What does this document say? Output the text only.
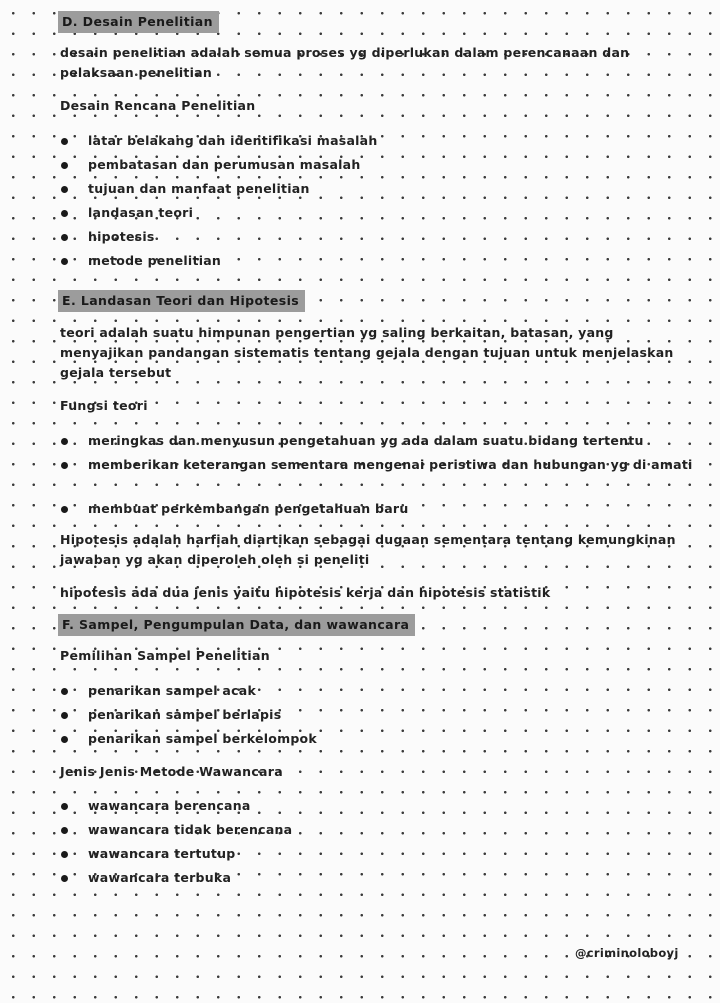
D. Desain Penelitian
desain penelitian adalah semua proses yg diperlukan dalam perencanaan dan pelaksaan penelitian
Desain Rencana Penelitian
latar belakang dan identifikasi masalah
pembatasan dan perumusan masalah
tujuan dan manfaat penelitian
landasan teori
hipotesis
metode penelitian
E. Landasan Teori dan Hipotesis
teori adalah suatu himpunan pengertian yg saling berkaitan, batasan, yang menyajikan pandangan sistematis tentang gejala dengan tujuan untuk menjelaskan gejala tersebut
Fungsi teori
meringkas dan menyusun pengetahuan yg ada dalam suatu bidang tertentu
memberikan keterangan sementara mengenai peristiwa dan hubungan yg di amati
membuat perkembangan pengetahuan baru
Hipotesis adalah harfiah diartikan sebagai dugaan sementara tentang kemungkinan jawaban yg akan diperoleh oleh si peneliti
hipotesis ada dua jenis yaitu hipotesis kerja dan hipotesis statistik
F. Sampel, Pengumpulan Data, dan wawancara
Pemilihan Sampel Penelitian
penarikan sampel acak
penarikan sampel berlapis
penarikan sampel berkelompok
Jenis Jenis Metode Wawancara
wawancara berencana
wawancara tidak berencana
wawancara tertutup
wawancara terbuka
@criminoloboyj
